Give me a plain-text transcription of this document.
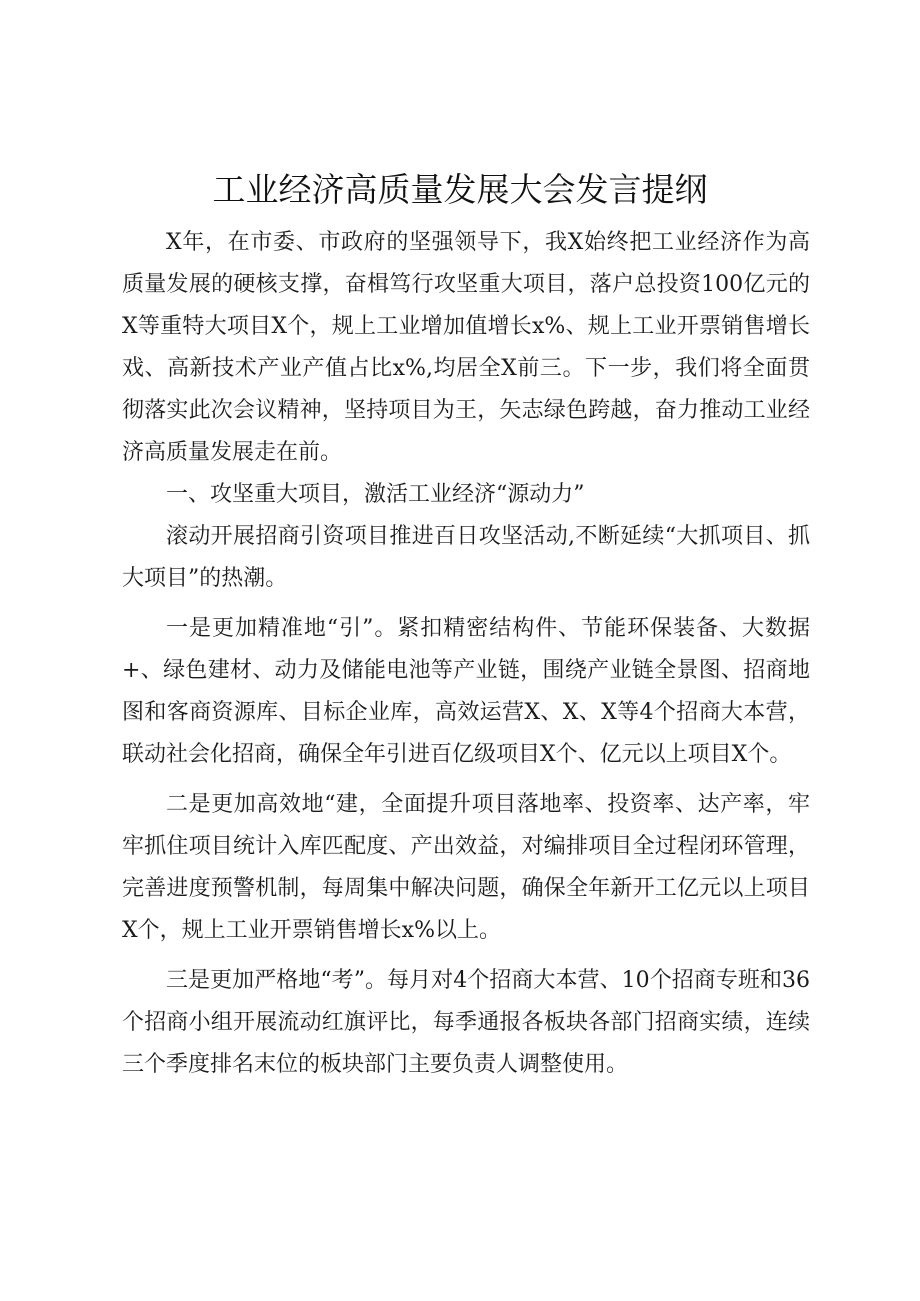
工业经济高质量发展大会发言提纲

X年，在市委、市政府的坚强领导下，我X始终把工业经济作为高质量发展的硬核支撑，奋楫笃行攻坚重大项目，落户总投资100亿元的X等重特大项目X个，规上工业增加值增长x%、规上工业开票销售增长戏、高新技术产业产值占比x%,均居全X前三。下一步，我们将全面贯彻落实此次会议精神，坚持项目为王，矢志绿色跨越，奋力推动工业经济高质量发展走在前。

一、攻坚重大项目，激活工业经济“源动力”

滚动开展招商引资项目推进百日攻坚活动,不断延续“大抓项目、抓大项目”的热潮。

一是更加精准地“引”。紧扣精密结构件、节能环保装备、大数据+、绿色建材、动力及储能电池等产业链，围绕产业链全景图、招商地图和客商资源库、目标企业库，高效运营X、X、X等4个招商大本营，联动社会化招商，确保全年引进百亿级项目X个、亿元以上项目X个。

二是更加高效地“建，全面提升项目落地率、投资率、达产率，牢牢抓住项目统计入库匹配度、产出效益，对编排项目全过程闭环管理，完善进度预警机制，每周集中解决问题，确保全年新开工亿元以上项目X个，规上工业开票销售增长x%以上。

三是更加严格地“考”。每月对4个招商大本营、10个招商专班和36个招商小组开展流动红旗评比，每季通报各板块各部门招商实绩，连续三个季度排名末位的板块部门主要负责人调整使用。
